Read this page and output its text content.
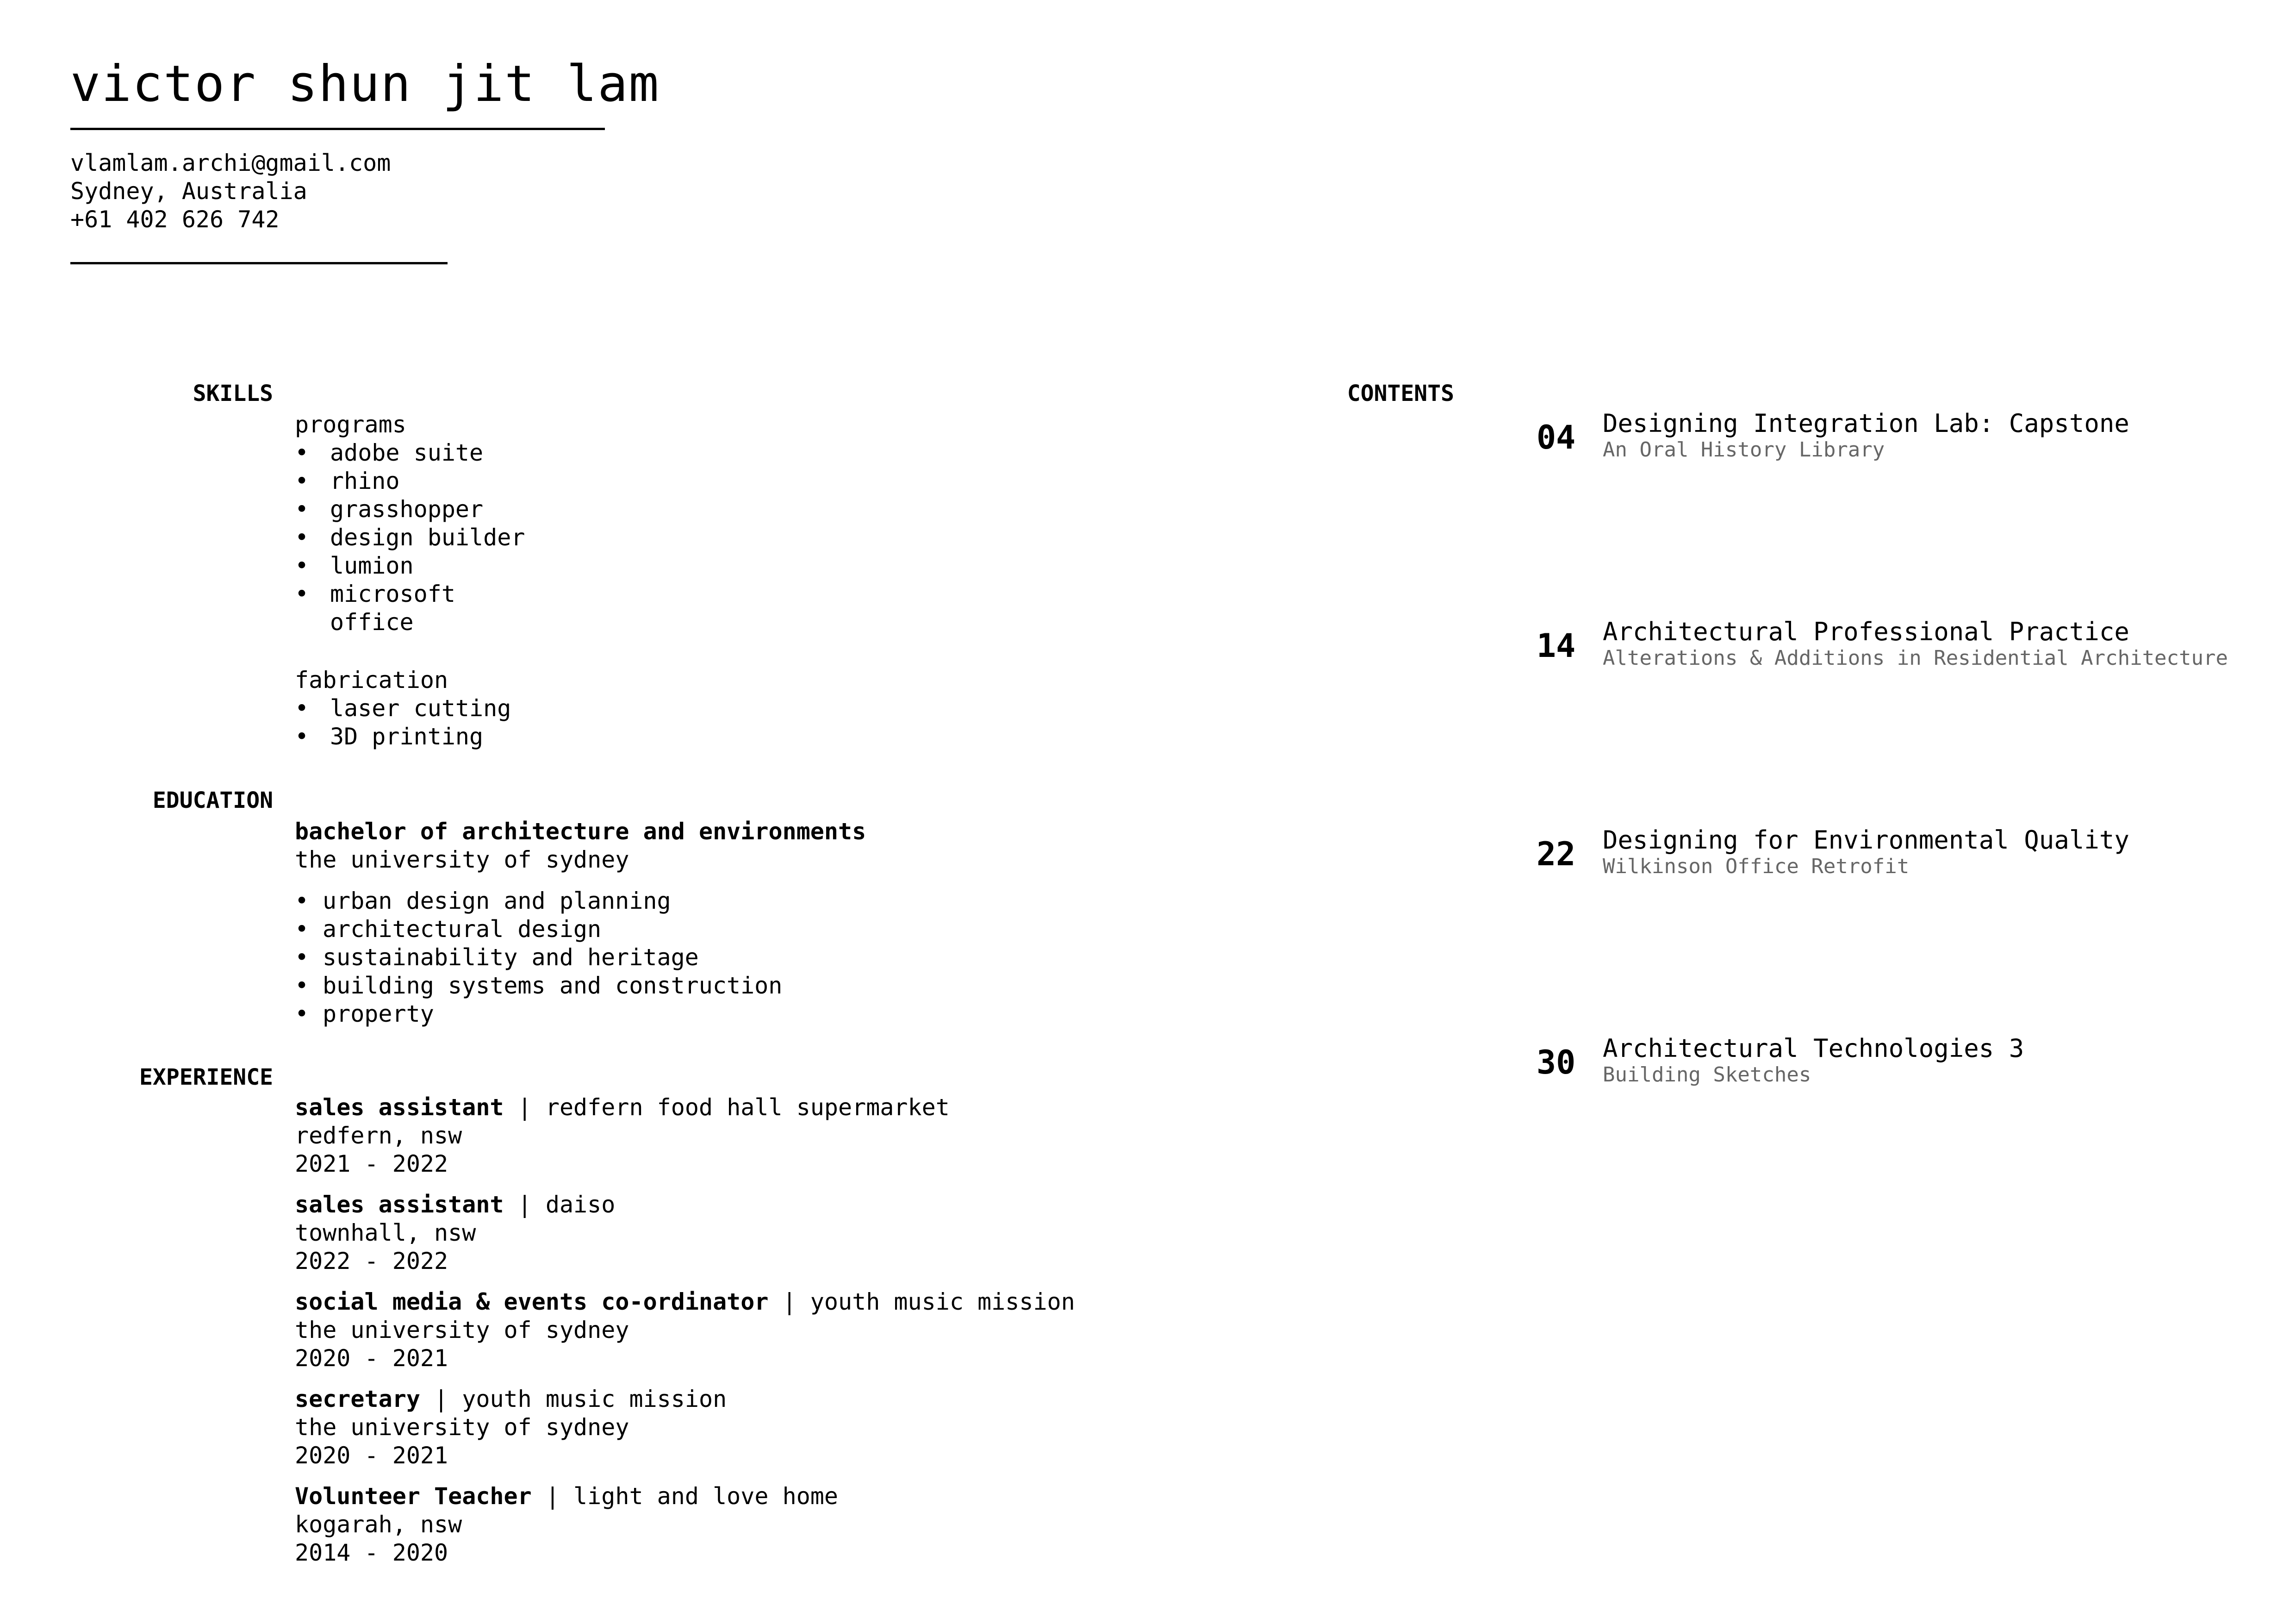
victor shun jit lam
vlamlam.archi@gmail.com
Sydney, Australia
+61 402 626 742
SKILLS
programs
• adobe suite
• rhino
• grasshopper
• design builder
• lumion
• microsoft office
fabrication
• laser cutting
• 3D printing
EDUCATION
bachelor of architecture and environments
the university of sydney
• urban design and planning
• architectural design
• sustainability and heritage
• building systems and construction
• property
EXPERIENCE
sales assistant | redfern food hall supermarket
redfern, nsw
2021 - 2022
sales assistant | daiso
townhall, nsw
2022 - 2022
social media & events co-ordinator | youth music mission
the university of sydney
2020 - 2021
secretary | youth music mission
the university of sydney
2020 - 2021
Volunteer Teacher | light and love home
kogarah, nsw
2014 - 2020
CONTENTS
04 Designing Integration Lab: Capstone
An Oral History Library
14 Architectural Professional Practice
Alterations & Additions in Residential Architecture
22 Designing for Environmental Quality
Wilkinson Office Retrofit
30 Architectural Technologies 3
Building Sketches
